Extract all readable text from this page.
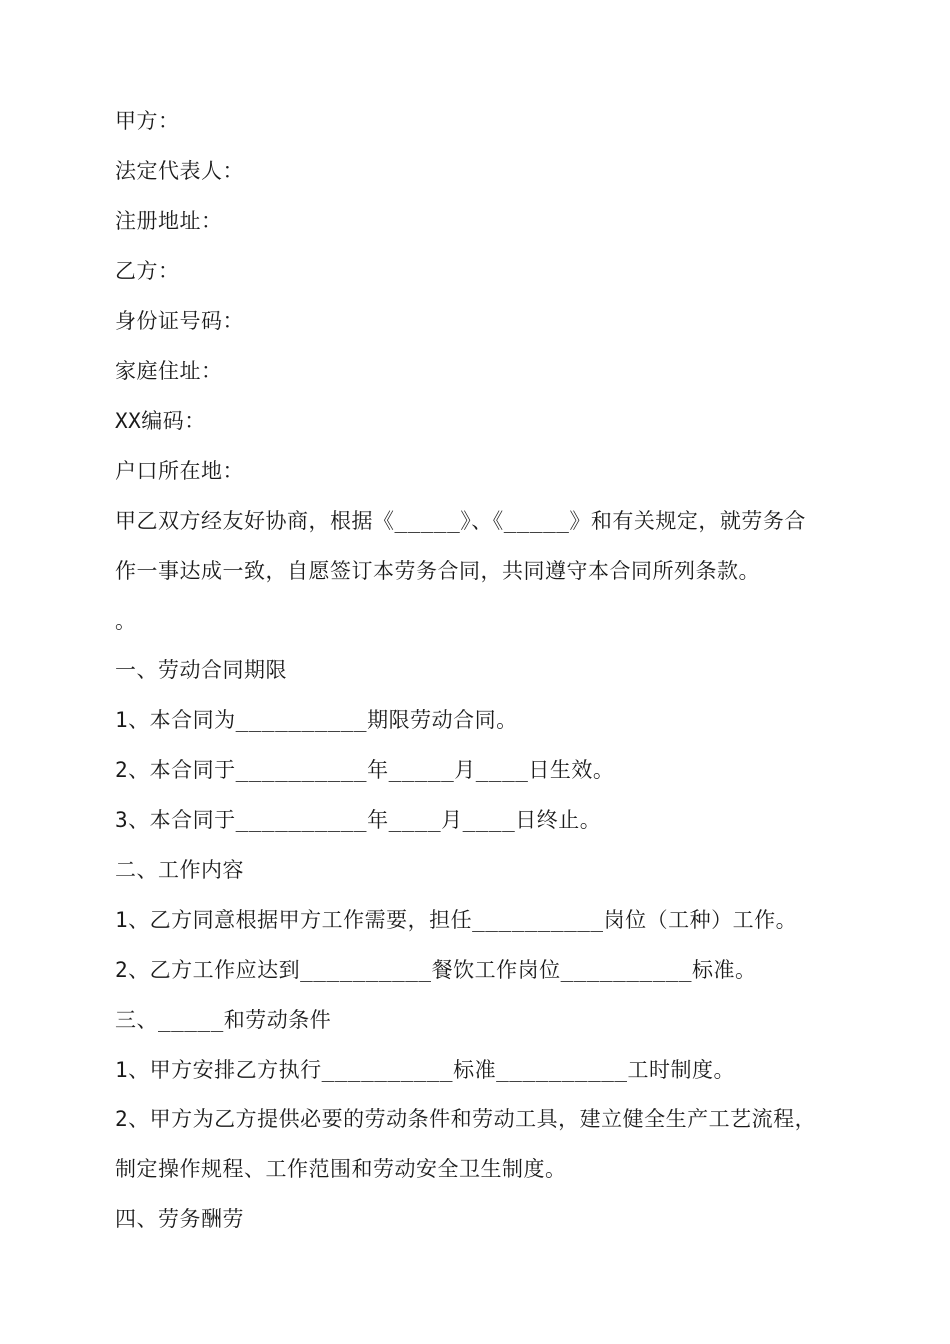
甲方：

法定代表人：

注册地址：

乙方：

身份证号码：

家庭住址：

XX编码：

户口所在地：

甲乙双方经友好协商，根据《_____》、《_____》和有关规定，就劳务合

作一事达成一致，自愿签订本劳务合同，共同遵守本合同所列条款。

。

一、劳动合同期限

1、本合同为__________期限劳动合同。

2、本合同于__________年_____月____日生效。

3、本合同于__________年____月____日终止。

二、工作内容

1、乙方同意根据甲方工作需要，担任__________岗位（工种）工作。

2、乙方工作应达到__________餐饮工作岗位__________标准。

三、_____和劳动条件

1、甲方安排乙方执行__________标准__________工时制度。

2、甲方为乙方提供必要的劳动条件和劳动工具，建立健全生产工艺流程，

制定操作规程、工作范围和劳动安全卫生制度。

四、劳务酬劳
